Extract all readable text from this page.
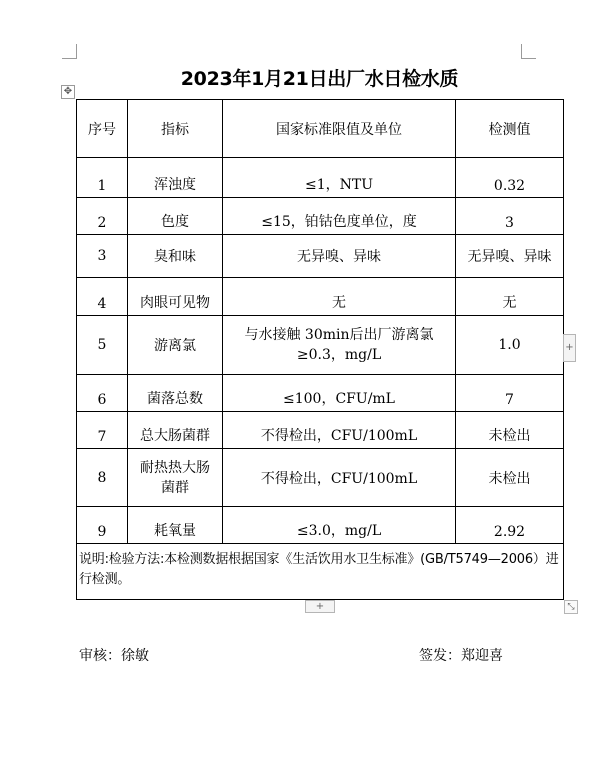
2023年1月21日出厂水日检水质
✥
序号	指标	国家标准限值及单位	检测值
1	浑浊度	≤1，NTU	0.32
2	色度	≤15，铂钴色度单位，度	3
3	臭和味	无异嗅、异味	无异嗅、异味
4	肉眼可见物	无	无
5	游离氯	与水接触 30min后出厂游离氯≥0.3，mg/L	1.0
6	菌落总数	≤100，CFU/mL	7
7	总大肠菌群	不得检出，CFU/100mL	未检出
8	耐热热大肠菌群	不得检出，CFU/100mL	未检出
9	耗氧量	≤3.0，mg/L	2.92
说明:检验方法:本检测数据根据国家《生活饮用水卫生标准》(GB/T5749—2006）进行检测。			
+
+	⤡
审核：徐敏	签发：郑迎喜
